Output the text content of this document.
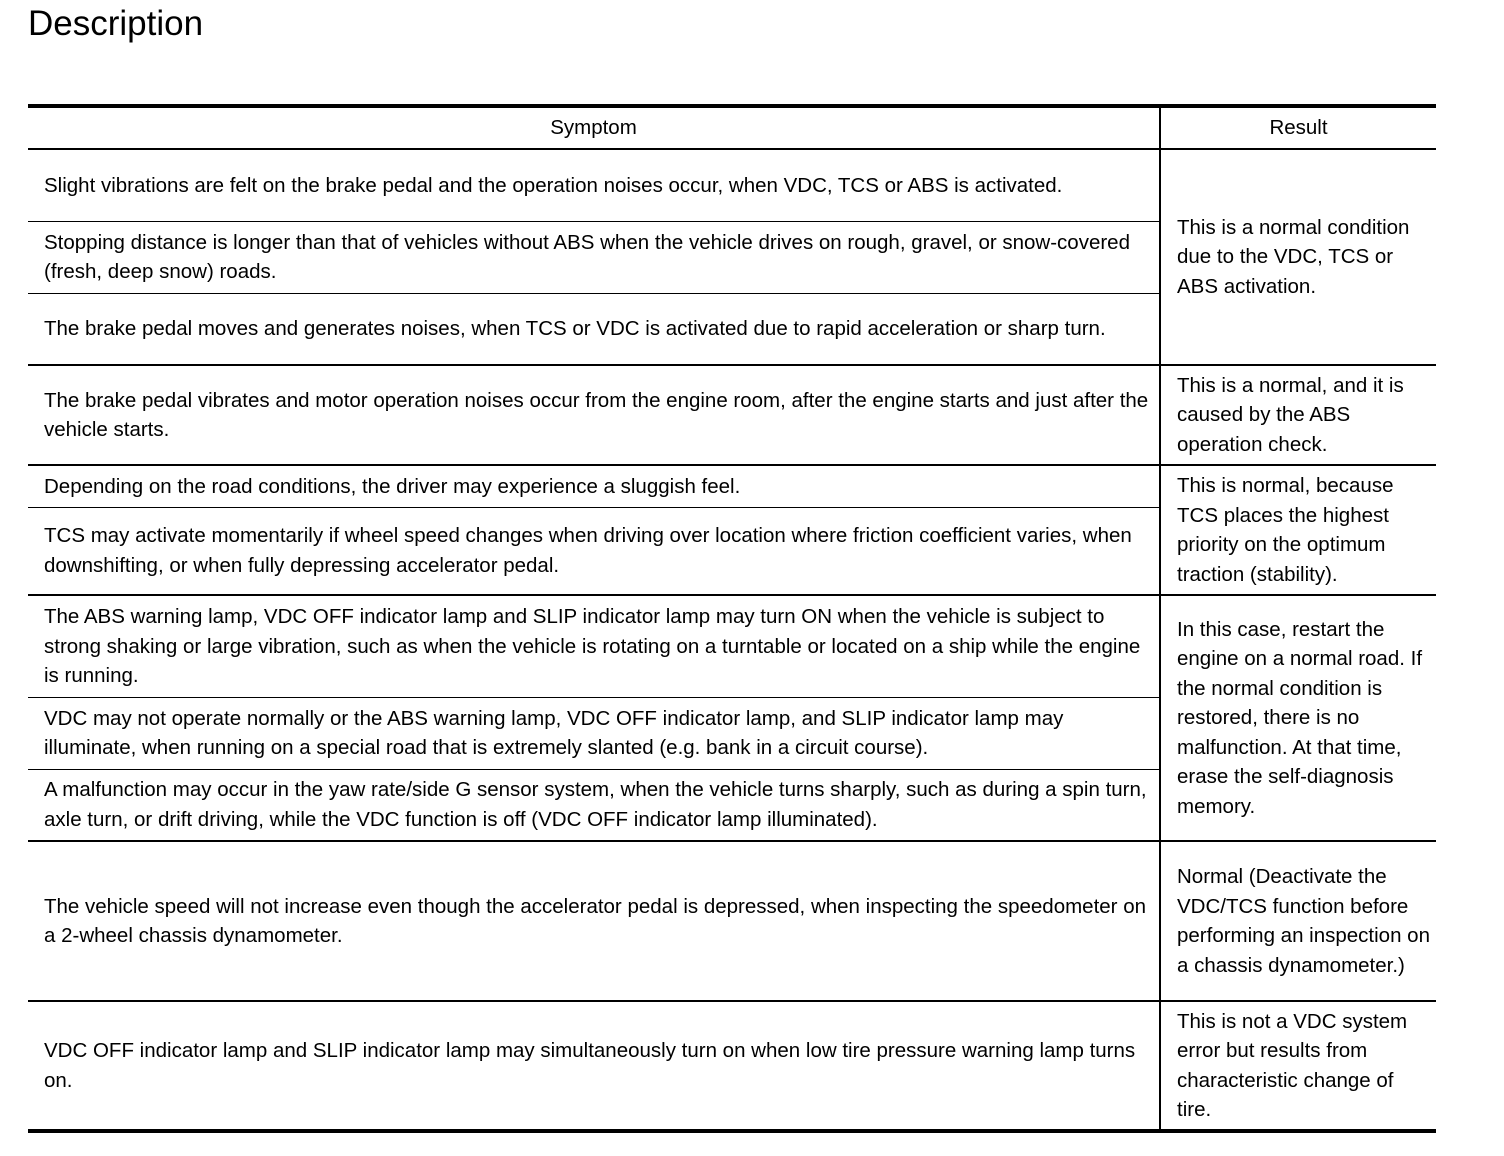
Description
Symptom	Result
Slight vibrations are felt on the brake pedal and the operation noises occur, when VDC, TCS or ABS is activated.	This is a normal condition due to the VDC, TCS or ABS activation.
Stopping distance is longer than that of vehicles without ABS when the vehicle drives on rough, gravel, or snow-covered (fresh, deep snow) roads.	
The brake pedal moves and generates noises, when TCS or VDC is activated due to rapid acceleration or sharp turn.	
The brake pedal vibrates and motor operation noises occur from the engine room, after the engine starts and just after the vehicle starts.	This is a normal, and it is caused by the ABS operation check.
Depending on the road conditions, the driver may experience a sluggish feel.	This is normal, because TCS places the highest priority on the optimum traction (stability).
TCS may activate momentarily if wheel speed changes when driving over location where friction coefficient varies, when downshifting, or when fully depressing accelerator pedal.	
The ABS warning lamp, VDC OFF indicator lamp and SLIP indicator lamp may turn ON when the vehicle is subject to strong shaking or large vibration, such as when the vehicle is rotating on a turntable or located on a ship while the engine is running.	In this case, restart the engine on a normal road. If the normal condition is restored, there is no malfunction. At that time, erase the self-diagnosis memory.
VDC may not operate normally or the ABS warning lamp, VDC OFF indicator lamp, and SLIP indicator lamp may illuminate, when running on a special road that is extremely slanted (e.g. bank in a circuit course).	
A malfunction may occur in the yaw rate/side G sensor system, when the vehicle turns sharply, such as during a spin turn, axle turn, or drift driving, while the VDC function is off (VDC OFF indicator lamp illuminated).	
The vehicle speed will not increase even though the accelerator pedal is depressed, when inspecting the speedometer on a 2-wheel chassis dynamometer.	Normal (Deactivate the VDC/TCS function before performing an inspection on a chassis dynamometer.)
VDC OFF indicator lamp and SLIP indicator lamp may simultaneously turn on when low tire pressure warning lamp turns on.	This is not a VDC system error but results from characteristic change of tire.
